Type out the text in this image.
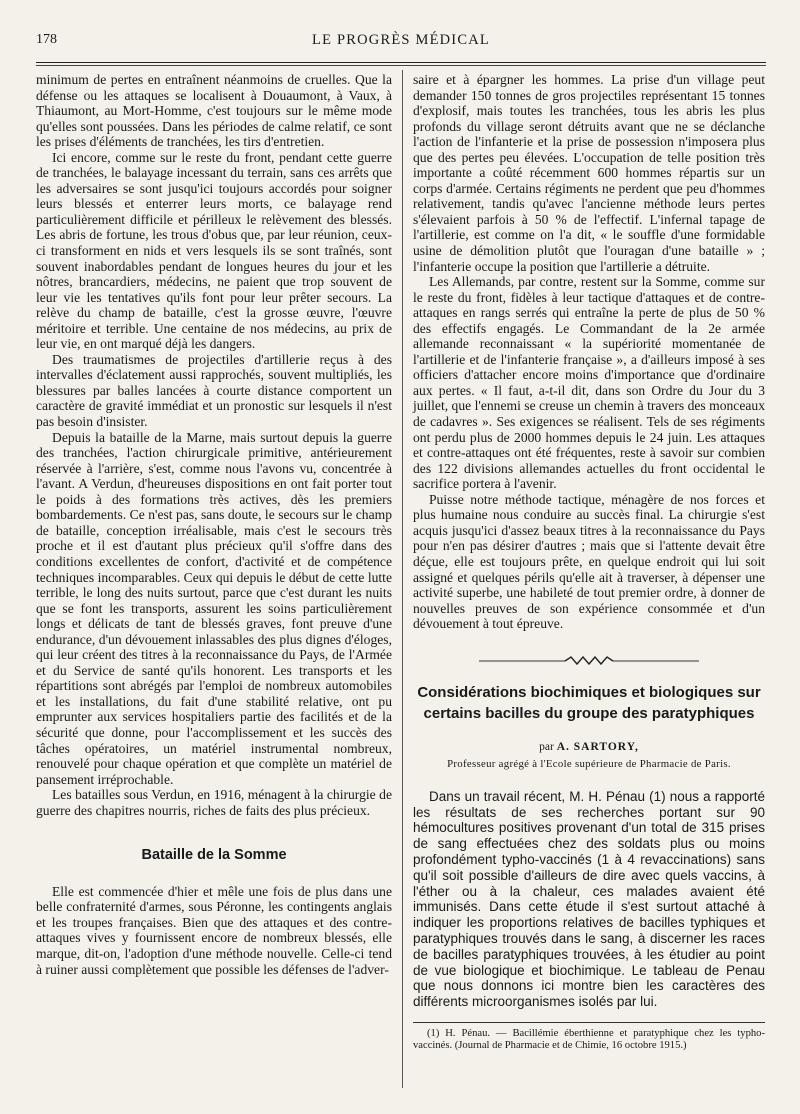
178	LE PROGRÈS MÉDICAL

minimum de pertes en entraînent néanmoins de cruelles. Que la défense ou les attaques se localisent à Douaumont, à Vaux, à Thiaumont, au Mort-Homme, c'est toujours sur le même mode qu'elles sont poussées. Dans les périodes de calme relatif, ce sont les prises d'éléments de tranchées, les tirs d'entretien.

Ici encore, comme sur le reste du front, pendant cette guerre de tranchées, le balayage incessant du terrain, sans ces arrêts que les adversaires se sont jusqu'ici toujours accordés pour soigner leurs blessés et enterrer leurs morts, ce balayage rend particulièrement difficile et périlleux le relèvement des blessés. Les abris de fortune, les trous d'obus que, par leur réunion, ceux-ci transforment en nids et vers lesquels ils se sont traînés, sont souvent inabordables pendant de longues heures du jour et les nôtres, brancardiers, médecins, ne paient que trop souvent de leur vie les tentatives qu'ils font pour leur prêter secours. La relève du champ de bataille, c'est la grosse œuvre, l'œuvre méritoire et terrible. Une centaine de nos médecins, au prix de leur vie, en ont marqué déjà les dangers.

Des traumatismes de projectiles d'artillerie reçus à des intervalles d'éclatement aussi rapprochés, souvent multipliés, les blessures par balles lancées à courte distance comportent un caractère de gravité immédiat et un pronostic sur lesquels il n'est pas besoin d'insister.

Depuis la bataille de la Marne, mais surtout depuis la guerre des tranchées, l'action chirurgicale primitive, antérieurement réservée à l'arrière, s'est, comme nous l'avons vu, concentrée à l'avant. A Verdun, d'heureuses dispositions en ont fait porter tout le poids à des formations très actives, dès les premiers bombardements. Ce n'est pas, sans doute, le secours sur le champ de bataille, conception irréalisable, mais c'est le secours très proche et il est d'autant plus précieux qu'il s'offre dans des conditions excellentes de confort, d'activité et de compétence techniques incomparables. Ceux qui depuis le début de cette lutte terrible, le long des nuits surtout, parce que c'est durant les nuits que se font les transports, assurent les soins particulièrement longs et délicats de tant de blessés graves, font preuve d'une endurance, d'un dévouement inlassables des plus dignes d'éloges, qui leur créent des titres à la reconnaissance du Pays, de l'Armée et du Service de santé qu'ils honorent. Les transports et les répartitions sont abrégés par l'emploi de nombreux automobiles et les installations, du fait d'une stabilité relative, ont pu emprunter aux services hospitaliers partie des facilités et de la sécurité que donne, pour l'accomplissement et les succès des tâches opératoires, un matériel instrumental nombreux, renouvelé pour chaque opération et que complète un matériel de pansement irréprochable.

Les batailles sous Verdun, en 1916, ménagent à la chirurgie de guerre des chapitres nourris, riches de faits des plus précieux.

Bataille de la Somme

Elle est commencée d'hier et mêle une fois de plus dans une belle confraternité d'armes, sous Péronne, les contingents anglais et les troupes françaises. Bien que des attaques et des contre-attaques vives y fournissent encore de nombreux blessés, elle marque, dit-on, l'adoption d'une méthode nouvelle. Celle-ci tend à ruiner aussi complètement que possible les défenses de l'adver-

saire et à épargner les hommes. La prise d'un village peut demander 150 tonnes de gros projectiles représentant 15 tonnes d'explosif, mais toutes les tranchées, tous les abris les plus profonds du village seront détruits avant que ne se déclanche l'action de l'infanterie et la prise de possession n'imposera plus que des pertes peu élevées. L'occupation de telle position très importante a coûté récemment 600 hommes répartis sur un corps d'armée. Certains régiments ne perdent que peu d'hommes relativement, tandis qu'avec l'ancienne méthode leurs pertes s'élevaient parfois à 50 % de l'effectif. L'infernal tapage de l'artillerie, est comme on l'a dit, « le souffle d'une formidable usine de démolition plutôt que l'ouragan d'une bataille » ; l'infanterie occupe la position que l'artillerie a détruite.

Les Allemands, par contre, restent sur la Somme, comme sur le reste du front, fidèles à leur tactique d'attaques et de contre-attaques en rangs serrés qui entraîne la perte de plus de 50 % des effectifs engagés. Le Commandant de la 2e armée allemande reconnaissant « la supériorité momentanée de l'artillerie et de l'infanterie française », a d'ailleurs imposé à ses officiers d'attacher encore moins d'importance que d'ordinaire aux pertes. « Il faut, a-t-il dit, dans son Ordre du Jour du 3 juillet, que l'ennemi se creuse un chemin à travers des monceaux de cadavres ». Ses exigences se réalisent. Tels de ses régiments ont perdu plus de 2000 hommes depuis le 24 juin. Les attaques et contre-attaques ont été fréquentes, reste à savoir sur combien des 122 divisions allemandes actuelles du front occidental le sacrifice portera à l'avenir.

Puisse notre méthode tactique, ménagère de nos forces et plus humaine nous conduire au succès final. La chirurgie s'est acquis jusqu'ici d'assez beaux titres à la reconnaissance du Pays pour n'en pas désirer d'autres ; mais que si l'attente devait être déçue, elle est toujours prête, en quelque endroit qui lui soit assigné et quelques périls qu'elle ait à traverser, à dépenser une activité superbe, une habileté de tout premier ordre, à donner de nouvelles preuves de son expérience consommée et d'un dévouement à tout épreuve.

Considérations biochimiques et biologiques sur certains bacilles du groupe des paratyphiques

par A. SARTORY,

Professeur agrégé à l'Ecole supérieure de Pharmacie de Paris.

Dans un travail récent, M. H. Pénau (1) nous a rapporté les résultats de ses recherches portant sur 90 hémocultures positives provenant d'un total de 315 prises de sang effectuées chez des soldats plus ou moins profondément typho-vaccinés (1 à 4 revaccinations) sans qu'il soit possible d'ailleurs de dire avec quels vaccins, à l'éther ou à la chaleur, ces malades avaient été immunisés. Dans cette étude il s'est surtout attaché à indiquer les proportions relatives de bacilles typhiques et paratyphiques trouvés dans le sang, à discerner les races de bacilles paratyphiques trouvées, à les étudier au point de vue biologique et biochimique. Le tableau de Penau que nous donnons ici montre bien les caractères des différents microorganismes isolés par lui.

(1) H. Pénau. — Bacillémie éberthienne et paratyphique chez les typho-vaccinés. (Journal de Pharmacie et de Chimie, 16 octobre 1915.)
